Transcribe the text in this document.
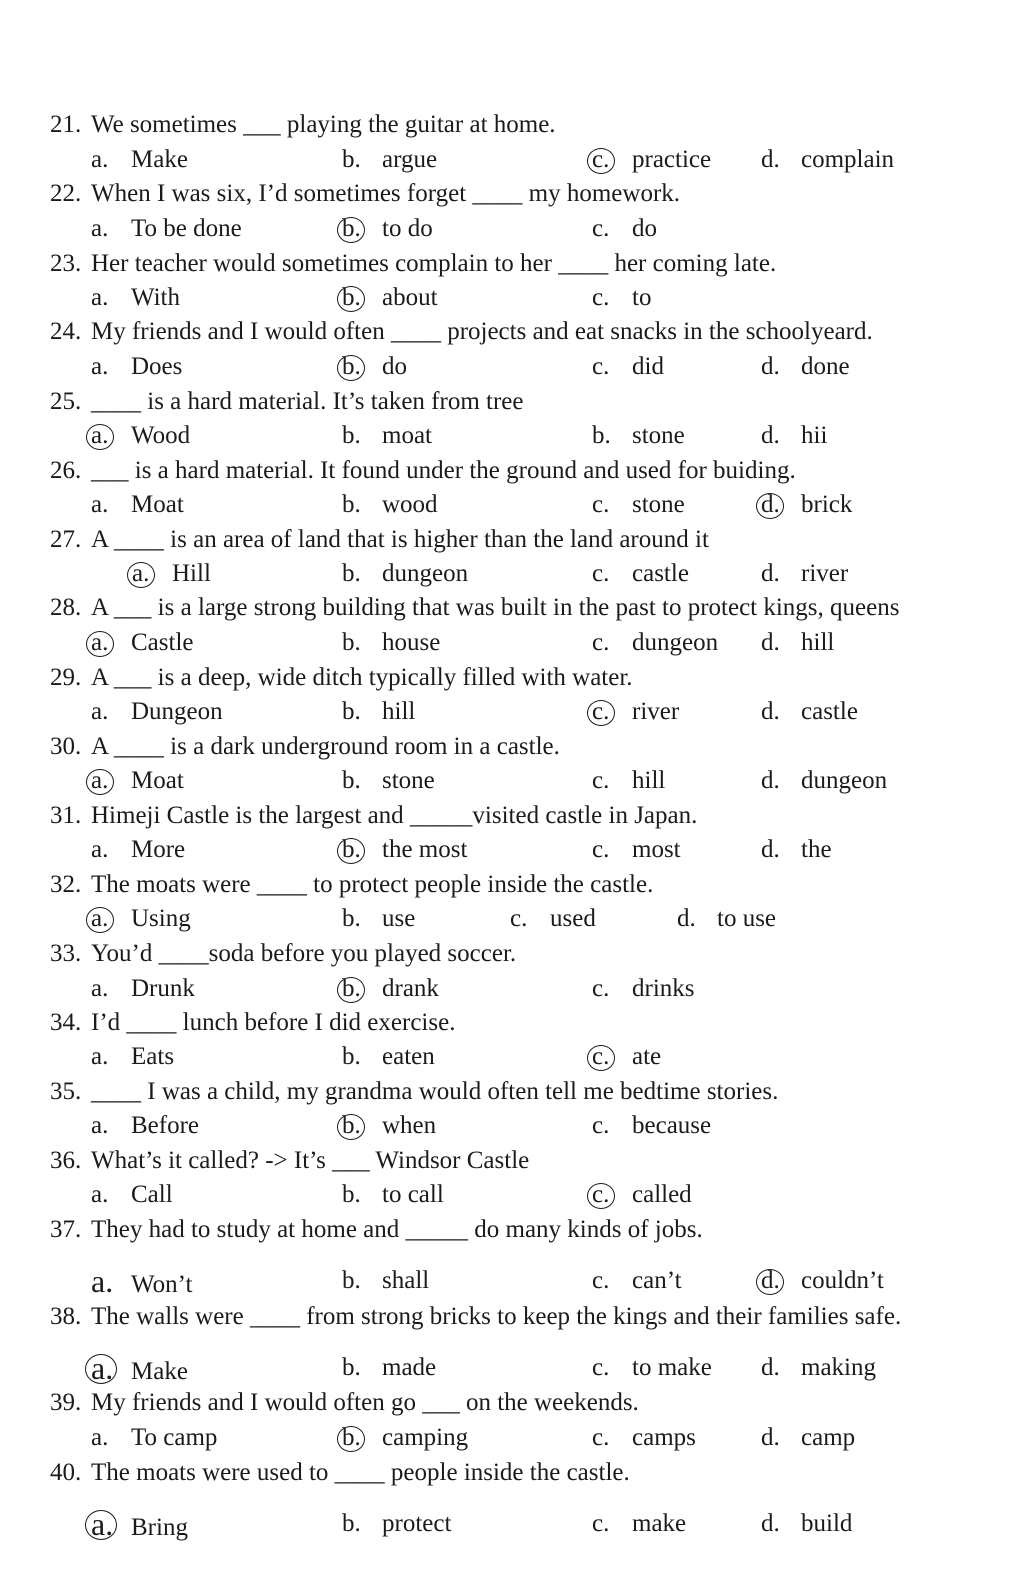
21. We sometimes ___ playing the guitar at home.
a. Make	b. argue	c. practice d. complain
22. When I was six, I’d sometimes forget ____ my homework.
a. To be done	b. to do	c. do
23. Her teacher would sometimes complain to her ____ her coming late.
a. With	b. about	c. to
24. My friends and I would often ____ projects and eat snacks in the schoolyeard.
a. Does	b. do	c. did	d. done
25. ____ is a hard material. It’s taken from tree
a. Wood	b. moat	b. stone	d. hii
26. ___ is a hard material. It found under the ground and used for buiding.
a. Moat	b. wood	c. stone	d. brick
27. A ____ is an area of land that is higher than the land around it
a. Hill	b. dungeon	c. castle	d. river
28. A ___ is a large strong building that was built in the past to protect kings, queens
a. Castle	b. house	c. dungeon d. hill
29. A ___ is a deep, wide ditch typically filled with water.
a. Dungeon	b. hill	c. river	d. castle
30. A ____ is a dark underground room in a castle.
a. Moat	b. stone	c. hill	d. dungeon
31. Himeji Castle is the largest and _____visited castle in Japan.
a. More	b. the most	c. most	d. the
32. The moats were ____ to protect people inside the castle.
a. Using	b. use	c. used	d. to use
33. You’d ____soda before you played soccer.
a. Drunk	b. drank	c. drinks
34. I’d ____ lunch before I did exercise.
a. Eats	b. eaten	c. ate
35. ____ I was a child, my grandma would often tell me bedtime stories.
a. Before	b. when	c. because
36. What’s it called? -> It’s ___ Windsor Castle
a. Call	b. to call	c. called
37. They had to study at home and _____ do many kinds of jobs.
a. Won’t	b. shall	c. can’t	d. couldn’t
38. The walls were ____ from strong bricks to keep the kings and their families safe.
a. Make	b. made	c. to make d. making
39. My friends and I would often go ___ on the weekends.
a. To camp	b. camping	c. camps	d. camp
40. The moats were used to ____ people inside the castle.
a. Bring	b. protect	c. make	d. build
